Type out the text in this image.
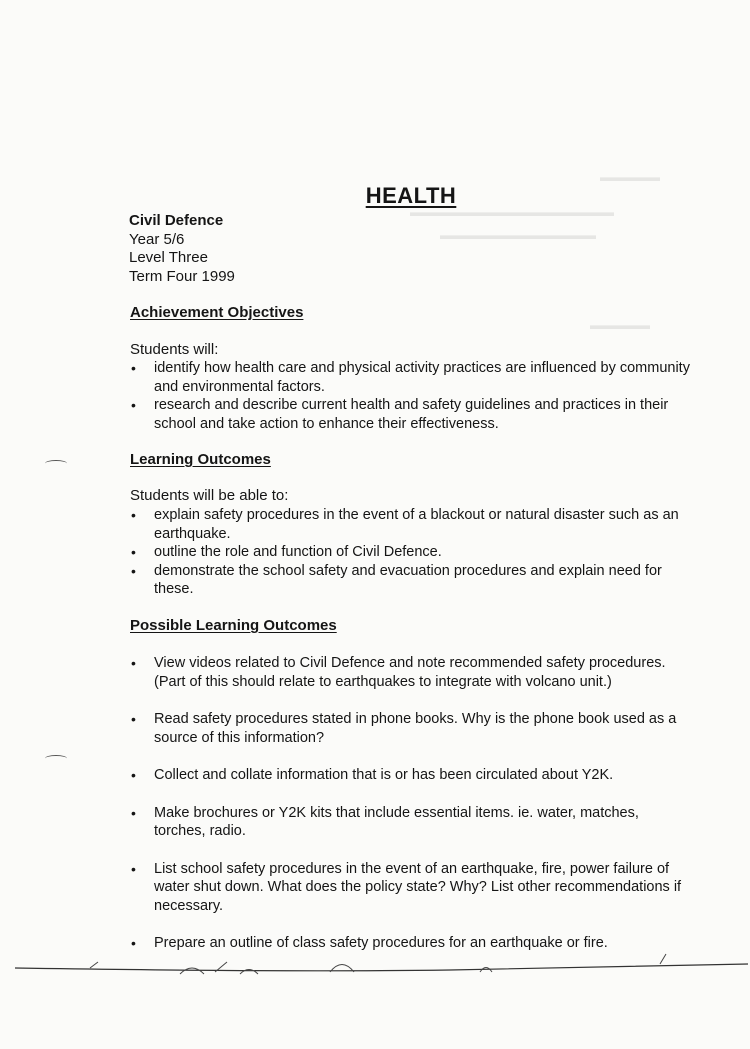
▬▬▬▬▬
▬▬▬▬▬▬▬▬▬▬▬▬▬▬▬▬▬
▬▬▬▬▬▬▬▬▬▬▬▬▬
▬▬▬▬▬
HEALTH
Civil Defence
Year 5/6
Level Three
Term Four 1999
Achievement Objectives
Students will:
• identify how health care and physical activity practices are influenced by community and environmental factors.
• research and describe current health and safety guidelines and practices in their school and take action to enhance their effectiveness.
Learning Outcomes
Students will be able to:
• explain safety procedures in the event of a blackout or natural disaster such as an earthquake.
• outline the role and function of Civil Defence.
• demonstrate the school safety and evacuation procedures and explain need for these.
Possible Learning Outcomes
• View videos related to Civil Defence and note recommended safety procedures. (Part of this should relate to earthquakes to integrate with volcano unit.)
• Read safety procedures stated in phone books. Why is the phone book used as a source of this information?
• Collect and collate information that is or has been circulated about Y2K.
• Make brochures or Y2K kits that include essential items. ie. water, matches, torches, radio.
• List school safety procedures in the event of an earthquake, fire, power failure of water shut down. What does the policy state? Why? List other recommendations if necessary.
• Prepare an outline of class safety procedures for an earthquake or fire.
